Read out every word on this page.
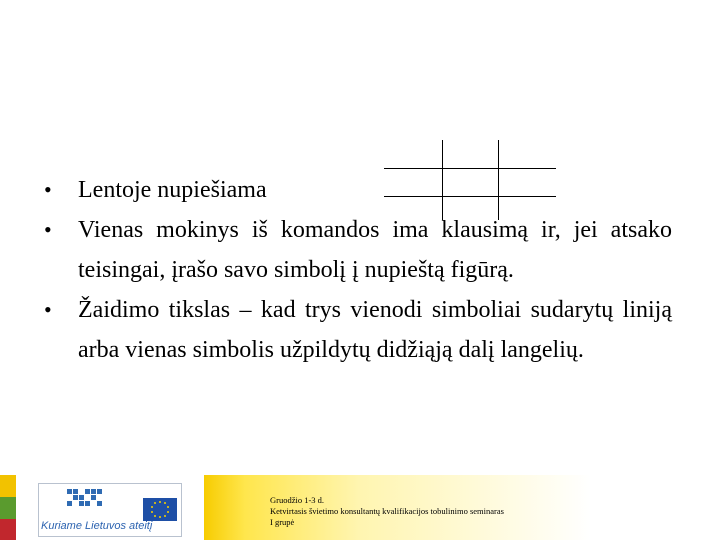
• Lentoje nupiešiama
• Vienas mokinys iš komandos ima klausimą ir, jei atsako teisingai, įrašo savo simbolį į nupieštą figūrą.
• Žaidimo tikslas – kad trys vienodi simboliai sudarytų liniją arba vienas simbolis užpildytų didžiąją dalį langelių.
Kuriame Lietuvos ateitį
Gruodžio 1-3 d.
Ketvirtasis švietimo konsultantų kvalifikacijos tobulinimo seminaras
I grupė
